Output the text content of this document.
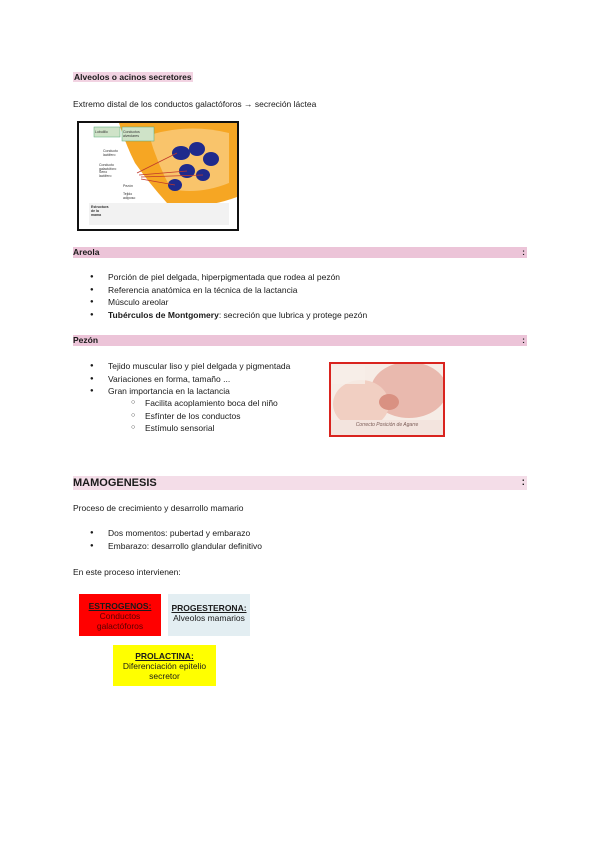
Alveolos o acinos secretores
Extremo distal de los conductos galactóforos → secreción láctea
Lobulillo	Conductos alveolares
Conducto lactífero
Conducto galactóforo
Seno lactífero
Pezón
Tejido adiposo
Estructura de la mama
Areola	:
● Porción de piel delgada, hiperpigmentada que rodea al pezón
● Referencia anatómica en la técnica de la lactancia
● Músculo areolar
● Tubérculos de Montgomery: secreción que lubrica y protege pezón
Pezón	:
● Tejido muscular liso y piel delgada y pigmentada
● Variaciones en forma, tamaño ...
● Gran importancia en la lactancia
○ Facilita acoplamiento boca del niño
○ Esfínter de los conductos
○ Estímulo sensorial	Correcto Posición de Agarre
MAMOGENESIS	:
Proceso de crecimiento y desarrollo mamario
● Dos momentos: pubertad y embarazo
● Embarazo: desarrollo glandular definitivo
En este proceso intervienen:
ESTROGENOS:
Conductos galactóforos
PROGESTERONA:
Alveolos mamarios
PROLACTINA:
Diferenciación epitelio secretor
